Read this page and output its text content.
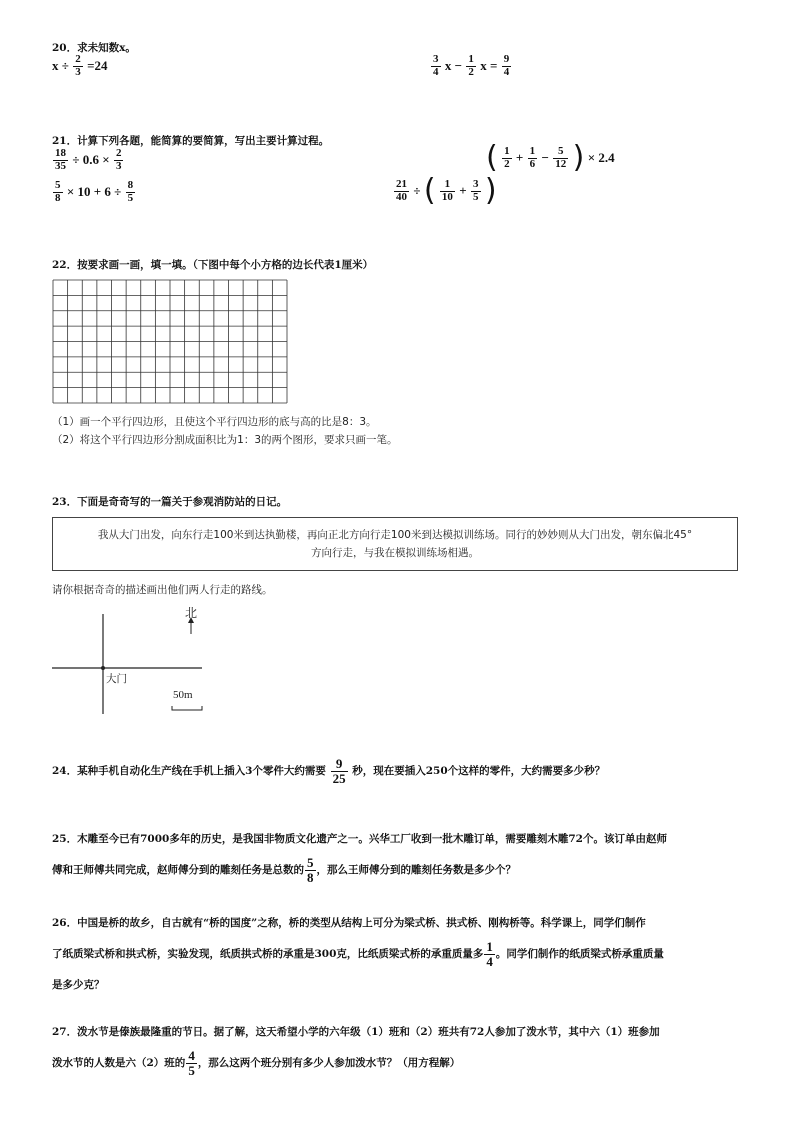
20．求未知数x。
$x \div \frac{2}{3} =24$	$\frac{3}{4}$ $x - \frac{1}{2}$ $x = \frac{9}{4}$
21．计算下列各题，能简算的要简算，写出主要计算过程。
$\frac{18}{35} \div 0.6 \times \frac{2}{3}$	( $\frac{1}{2} + \frac{1}{6} - \frac{5}{12}$ ) × 2.4
$\frac{5}{8} \times 10 + 6 \div \frac{8}{5}$	$\frac{21}{40}$ ÷ ( $\frac{1}{10} + \frac{3}{5}$ )
22．按要求画一画，填一填。（下图中每个小方格的边长代表1厘米）
（1）画一个平行四边形，且使这个平行四边形的底与高的比是8：3。
（2）将这个平行四边形分割成面积比为1：3的两个图形，要求只画一笔。
23．下面是奇奇写的一篇关于参观消防站的日记。
我从大门出发，向东行走100米到达执勤楼，再向正北方向行走100米到达模拟训练场。同行的妙妙则从大门出发，朝东偏北45°
方向行走，与我在模拟训练场相遇。
请你根据奇奇的描述画出他们两人行走的路线。
北
大门
50m
24．某种手机自动化生产线在手机上插入3个零件大约需要 $\frac{9}{25}$ 秒，现在要插入250个这样的零件，大约需要多少秒？
25．木雕至今已有7000多年的历史，是我国非物质文化遗产之一。兴华工厂收到一批木雕订单，需要雕刻木雕72个。该订单由赵师
傅和王师傅共同完成，赵师傅分到的雕刻任务是总数的 $\frac{5}{8}$ ，那么王师傅分到的雕刻任务数是多少个？
26．中国是桥的故乡，自古就有“桥的国度”之称，桥的类型从结构上可分为梁式桥、拱式桥、刚构桥等。科学课上，同学们制作
了纸质梁式桥和拱式桥，实验发现，纸质拱式桥的承重是300克，比纸质梁式桥的承重质量多 $\frac{1}{4}$ 。同学们制作的纸质梁式桥承重质量
是多少克？
27．泼水节是傣族最隆重的节日。据了解，这天希望小学的六年级（1）班和（2）班共有72人参加了泼水节，其中六（1）班参加
泼水节的人数是六（2）班的 $\frac{4}{5}$ ，那么这两个班分别有多少人参加泼水节？（用方程解）
